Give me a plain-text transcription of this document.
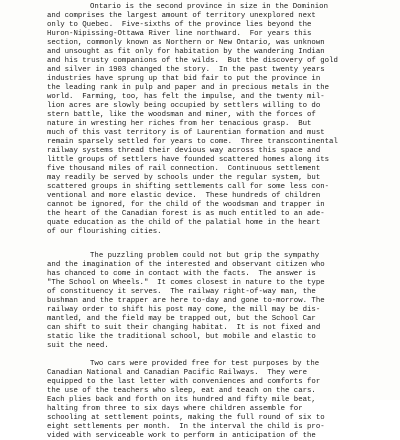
Ontario is the second province in size in the Dominion
and comprises the largest amount of territory unexplored next
only to Quebec.  Five-sixths of the province lies beyond the
Huron-Nipissing-Ottawa River line northward.  For years this
section, commonly known as Northern or New Ontario, was unknown
and unsought as fit only for habitation by the wandering Indian
and his trusty companions of the wilds.  But the discovery of gold
and silver in 1903 changed the story.  In the past twenty years
industries have sprung up that bid fair to put the province in
the leading rank in pulp and paper and in precious metals in the
world.  Farming, too, has felt the impulse, and the twenty mil-
lion acres are slowly being occupied by settlers willing to do
stern battle, like the woodsman and miner, with the forces of
nature in wresting her riches from her tenacious grasp.  But
much of this vast territory is of Laurentian formation and must
remain sparsely settled for years to come.  Three transcontinental
railway systems thread their devious way across this space and
little groups of settlers have founded scattered homes along its
five thousand miles of rail connection.  Continuous settlement
may readily be served by schools under the regular system, but
scattered groups in shifting settlements call for some less con-
ventional and more elastic device.  These hundreds of children
cannot be ignored, for the child of the woodsman and trapper in
the heart of the Canadian forest is as much entitled to an ade-
quate education as the child of the palatial home in the heart
of our flourishing cities.
The puzzling problem could not but grip the sympathy
and the imagination of the interested and observant citizen who
has chanced to come in contact with the facts.  The answer is
"The School on Wheels."  It comes closest in nature to the type
of constituency it serves.  The railway right-of-way man, the
bushman and the trapper are here to-day and gone to-morrow. The
railway order to shift his post may come, the mill may be dis-
mantled, and the field may be trapped out, but the School Car
can shift to suit their changing habitat.  It is not fixed and
static like the traditional school, but mobile and elastic to
suit the need.
Two cars were provided free for test purposes by the
Canadian National and Canadian Pacific Railways.  They were
equipped to the last letter with conveniences and comforts for
the use of the teachers who sleep, eat and teach on the cars.
Each plies back and forth on its hundred and fifty mile beat,
halting from three to six days where children assemble for
schooling at settlement points, making the full round of six to
eight settlements per month.  In the interval the child is pro-
vided with serviceable work to perform in anticipation of the
